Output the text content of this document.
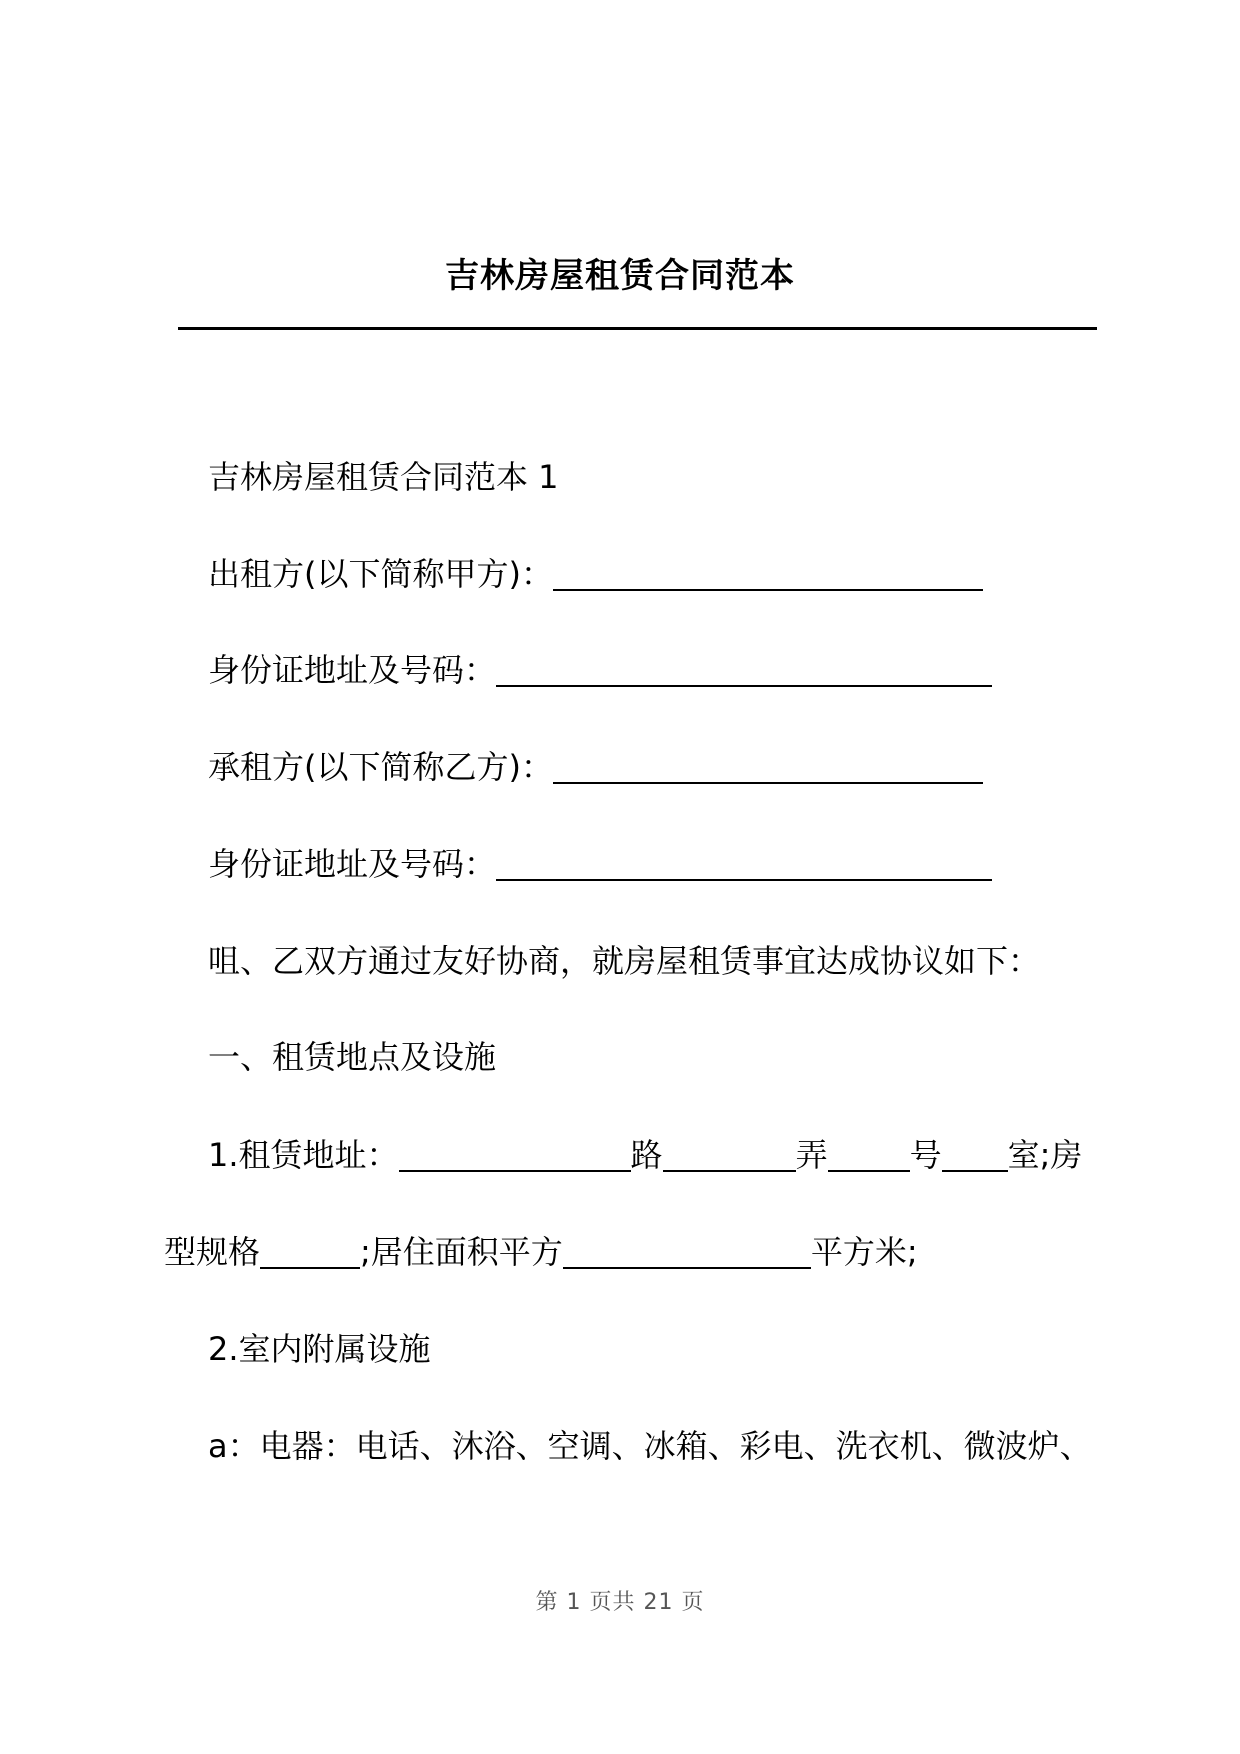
吉林房屋租赁合同范本
吉林房屋租赁合同范本 1
出租方(以下简称甲方)：
身份证地址及号码：
承租方(以下简称乙方)：
身份证地址及号码：
咀、乙双方通过友好协商，就房屋租赁事宜达成协议如下：
一、租赁地点及设施
1.租赁地址：	路	弄	号 室;房
型规格	;居住面积平方	平方米;
2.室内附属设施
a：电器：电话、沐浴、空调、冰箱、彩电、洗衣机、微波炉、
第 1 页共 21 页
